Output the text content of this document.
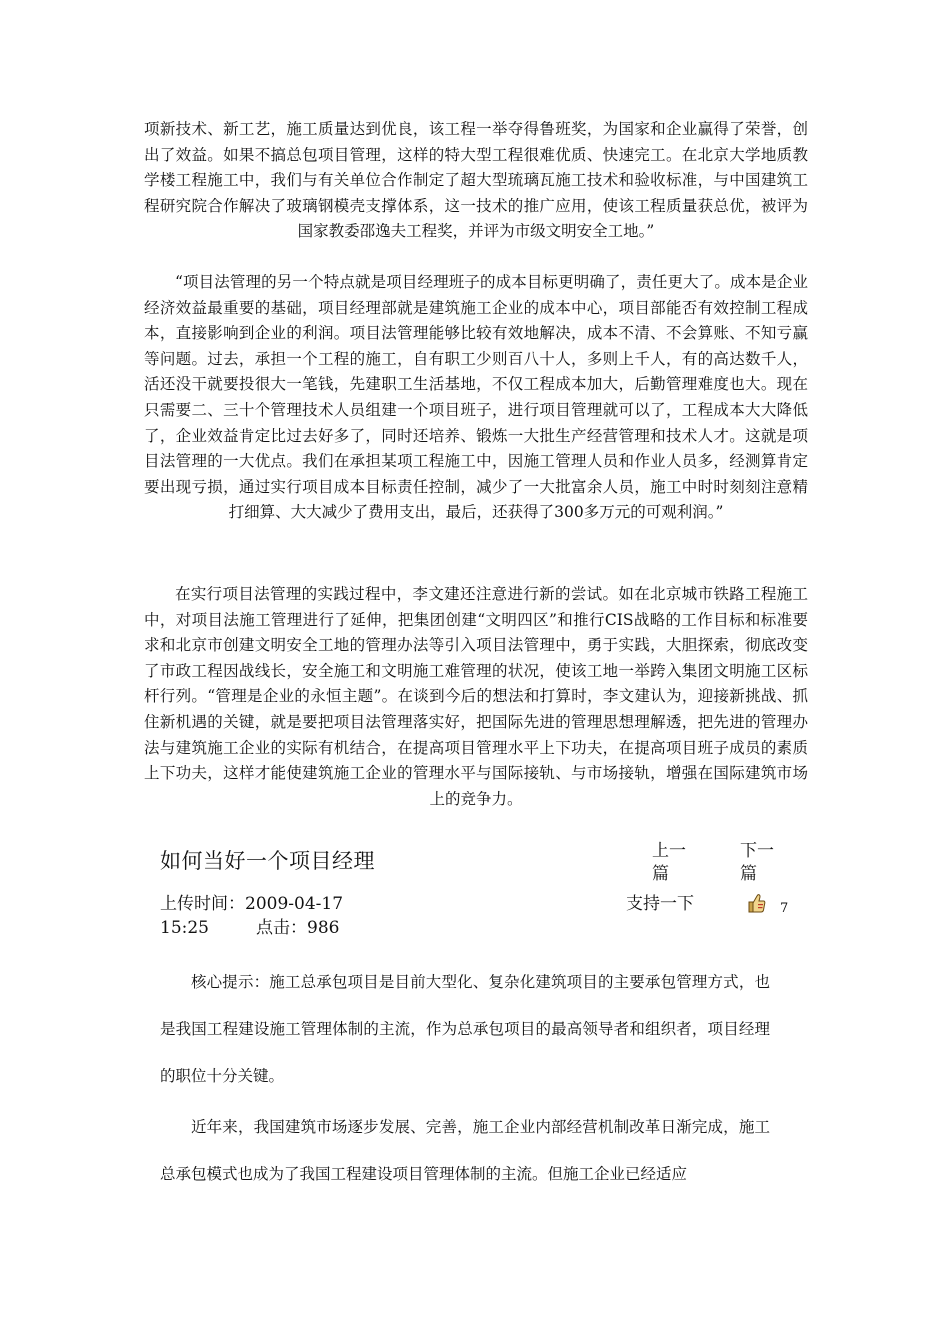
项新技术、新工艺，施工质量达到优良，该工程一举夺得鲁班奖，为国家和企业赢得了荣誉，创出了效益。如果不搞总包项目管理，这样的特大型工程很难优质、快速完工。在北京大学地质教学楼工程施工中，我们与有关单位合作制定了超大型琉璃瓦施工技术和验收标准，与中国建筑工程研究院合作解决了玻璃钢模壳支撑体系，这一技术的推广应用，使该工程质量获总优，被评为国家教委邵逸夫工程奖，并评为市级文明安全工地。”

“项目法管理的另一个特点就是项目经理班子的成本目标更明确了，责任更大了。成本是企业经济效益最重要的基础，项目经理部就是建筑施工企业的成本中心，项目部能否有效控制工程成本，直接影响到企业的利润。项目法管理能够比较有效地解决，成本不清、不会算账、不知亏赢等问题。过去，承担一个工程的施工，自有职工少则百八十人，多则上千人，有的高达数千人，活还没干就要投很大一笔钱，先建职工生活基地，不仅工程成本加大，后勤管理难度也大。现在只需要二、三十个管理技术人员组建一个项目班子，进行项目管理就可以了，工程成本大大降低了，企业效益肯定比过去好多了，同时还培养、锻炼一大批生产经营管理和技术人才。这就是项目法管理的一大优点。我们在承担某项工程施工中，因施工管理人员和作业人员多，经测算肯定要出现亏损，通过实行项目成本目标责任控制，减少了一大批富余人员，施工中时时刻刻注意精打细算、大大减少了费用支出，最后，还获得了300多万元的可观利润。”

在实行项目法管理的实践过程中，李文建还注意进行新的尝试。如在北京城市铁路工程施工中，对项目法施工管理进行了延伸，把集团创建“文明四区”和推行CIS战略的工作目标和标准要求和北京市创建文明安全工地的管理办法等引入项目法管理中，勇于实践，大胆探索，彻底改变了市政工程因战线长，安全施工和文明施工难管理的状况，使该工地一举跨入集团文明施工区标杆行列。“管理是企业的永恒主题”。在谈到今后的想法和打算时，李文建认为，迎接新挑战、抓住新机遇的关键，就是要把项目法管理落实好，把国际先进的管理思想理解透，把先进的管理办法与建筑施工企业的实际有机结合，在提高项目管理水平上下功夫，在提高项目班子成员的素质上下功夫，这样才能使建筑施工企业的管理水平与国际接轨、与市场接轨，增强在国际建筑市场上的竞争力。

如何当好一个项目经理	上一篇
下一篇
上传时间：2009-04-17
15:25	点击：986
支持一下	7

核心提示：施工总承包项目是目前大型化、复杂化建筑项目的主要承包管理方式，也是我国工程建设施工管理体制的主流，作为总承包项目的最高领导者和组织者，项目经理的职位十分关键。

近年来，我国建筑市场逐步发展、完善，施工企业内部经营机制改革日渐完成，施工总承包模式也成为了我国工程建设项目管理体制的主流。但施工企业已经适应
